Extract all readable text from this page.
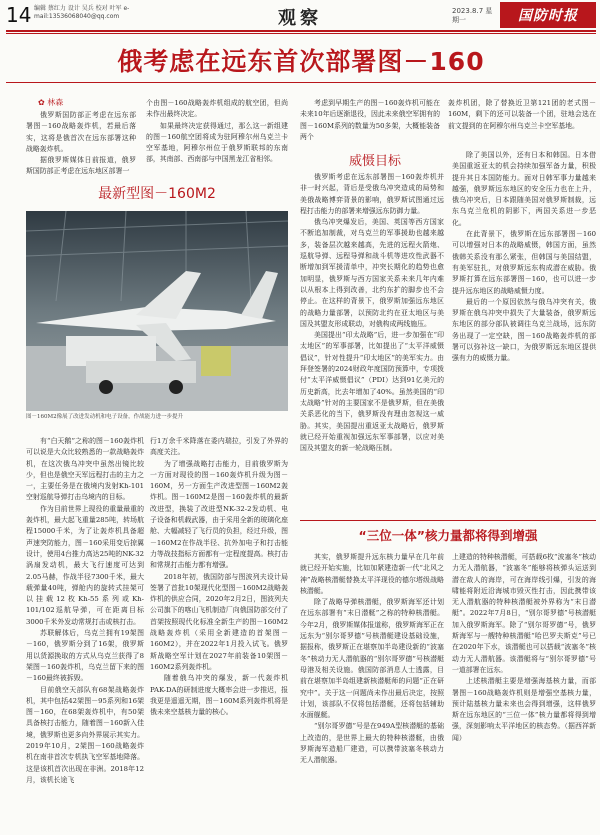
14 编辑 蔡红力 设计 吴兵 校对 叶军 e-mail:13536068040@qq.com	观察	2023.8.7 星期一	国防时报
俄考虑在远东首次部署图－160
✿ 林森

俄罗斯国防部正考虑在远东部署图－160战略轰炸机，若最后落实，这将是俄首次在远东部署这种战略轰炸机。

据俄罗斯媒体日前报道，俄罗斯国防部正考虑在远东地区部署一

个由图－160战略轰炸机组成的航空团，但尚未作出最终决定。

如果最终决定获得通过，那么这一新组建的图－160航空团将成为驻阿穆尔州乌克兰卡空军基地，阿穆尔州位于俄罗斯联邦的东南部，其南部、西南部与中国黑龙江省相邻。

考虑到早期生产的图－160轰炸机可能在未来10年后逐渐退役，因此未来俄空军拥有的图－160M系列的数量为50多架，大概能装备两个

轰炸机团，除了替换近卫第121团的老式图－160M，剩下的还可以装备一个团，驻地会选在前文提到的在阿穆尔州乌克兰卡空军基地。

最新型图－160M2
图－160M2像展了改进发动机和电子设备，作战能力进一步提升

有“白天鹅”之称的图－160轰炸机可以说是大众比较熟悉的一款战略轰炸机，在这次俄乌冲突中虽然出镜比较少，但也是俄空天军远程打击的主力之一，主要任务是在俄境内发射Kh-101空射巡航导弹打击乌境内的目标。

作为目前世界上现役的重量最重的轰炸机，最大起飞重量285吨，转场航程15000千米，为了让轰炸机具备超声速突防能力，图－160采用变后掠翼设计，使用4台推力高达25吨的NK-32涡扇发动机，最大飞行速度可达到2.05马赫，作战半径7300千米，最大载弹量40吨，弹舱内的旋转式挂架可以挂载12枚Kh-55系列或Kh-101/102巡航导弹，可在距离目标3000千米外发动常规打击或核打击。

苏联解体后，乌克兰拥有19架图－160，俄罗斯分到了16架，俄罗斯用以货源换取的方式从乌克兰获得了8架图－160轰炸机，乌克兰留下来的图－160最终被拆毁。

目前俄空天部队有68架战略轰炸机，其中包括42架图－95系列和16架图－160，在68架轰炸机中，有50架具备核打击能力，随着图－160新入佳境，俄罗斯也更多向外界展示其实力。2019年10月，2架图－160战略轰炸机在南非首次专机执飞空军基地降落。这是该机首次出现在非洲。2018年12月，该机长途飞

行1万余千米降落在委内瑞拉，引发了外界的高度关注。

为了增强战略打击能力，目前俄罗斯为一方面对现役的图－160轰炸机升级为图－160M，另一方面生产改进型图－160M2轰炸机。图－160M2是图－160轰炸机的最新改进型，换装了改进型NK-32-2发动机、电子设备和机载武器，由于采用全新的玻璃化座舱、大幅减轻了飞行员的负担，经过升级，图－160M2在作战半径、抗外加电子和打击能力等战技指标方面都有一定程度提高。核打击和常规打击能力都有增强。

2018年初，俄国防部与图波列夫设计局签署了首批10架现代化型图－160M2战略轰炸机的供应合同，2020年2月2日，图波列夫公司旗下的喀山飞机制造厂向俄国防部交付了首架按照现代化标准全新生产的图－160M2战略轰炸机（采用全新建造的首架图－160M2），并在2022年1月投入试飞。俄罗斯战略空军计划在2027年前装备10架图－160M2系列轰炸机。

随着俄乌冲突的爆发，新一代轰炸机PAK-DA的研制进度大概率会进一步推迟，报我更是遥遥无期，图－160M系列轰炸机将是俄未来空基核力量的核心。

威慑目标

俄罗斯考虑在远东部署图－160轰炸机并非一时兴起，背后是受俄乌冲突造成的局势和美俄战略博弈背景的影响，俄罗斯试图通过远程打击能力的部署来增强远东防御力量。

俄乌冲突爆发后，美国、英国等西方国家不断追加制裁，对乌克兰的军事援助也越来越多，装备层次越来越高，先进的远程火箭炮、巡航导弹、远程导弹和战斗机等进攻性武器不断增加到军援清单中，冲突长期化的趋势也愈加明显，俄罗斯与西方国家关系未来几年内难以从根本上得到改善，北约东扩的脚步也不会停止。在这样的背景下，俄罗斯加强远东地区的战略力量部署，以预防北约在亚太地区与美国及其盟友形成联动，对俄构成两线施压。

美国提出“印太战略”后，进一步加强在“印太地区”的军事部署，比如提出了“太平洋威慑倡议”，针对性提升“印太地区”的美军实力。由拜登签署的2024财政年度国防预算中，专项拨付“太平洋威慑倡议”（PDI）达到91亿美元的历史新高，比去年增加了40%。虽然美国的“印太战略”针对的主要国家不是俄罗斯，但在美俄关系恶化的当下，俄罗斯没有理由忽视这一威胁。其实，美国提出重返亚太战略后，俄罗斯就已经开始重视加强远东军事部署，以应对美国及其盟友的新一轮战略压制。

除了美国以外，还有日本和韩国。日本借美国重返亚太的机会持续加强军备力量，积极提升其日本国防能力。面对日韩军事力量越来越强，俄罗斯远东地区的安全压力也在上升，俄乌冲突后，日本跟随美国对俄罗斯制裁，远东乌克兰危机的阴影下，两国关系进一步恶化。

在此背景下，俄罗斯在远东部署图－160可以增强对日本的战略威慑，韩国方面，虽然俄韩关系没有那么紧张，但韩国与美国结盟，有美军驻扎，对俄罗斯远东构成潜在威胁。俄罗斯打算在远东部署图－160，也可以进一步提升远东地区的战略威慑力度。

最后的一个原因依然与俄乌冲突有关，俄罗斯在俄乌冲突中损失了大量装备，俄罗斯远东地区的部分部队被调往乌克兰战场，远东防务出现了一定空缺，图－160战略轰炸机的部署可以弥补这一缺口，为俄罗斯远东地区提供强有力的威慑力量。

“三位一体”核力量都将得到增强

其实，俄罗斯提升远东核力量早在几年前就已经开始实施，比如加紧建造新一代“北风之神”战略核潜艇替换太平洋现役的德尔塔级战略核潜艇。

除了战略导弹核潜艇，俄罗斯海军还计划在远东部署有“末日潜艇”之称的特种核潜艇。今年2月，俄罗斯媒体报道称，俄罗斯海军正在远东为“别尔哥罗德”号核潜艇建设基础设施，据报称，俄罗斯正在堪察加半岛建设新的“波塞冬”核动力无人潜航器的“别尔哥罗德”号核潜艇母港及相关设施。俄国防部消息人士透露，目前在堪察加半岛组建新核潜艇师的问题“正在研究中”。关于这一问题尚未作出最后决定，按照计划，该部队不仅将包括潜艇，还将包括辅助水面舰艇。

“别尔哥罗德”号是在949A型核潜艇的基础上改造的，是世界上最大的特种核潜艇，由俄罗斯海军造船厂建造，可以携带波塞冬核动力无人潜航器。

上建造的特种核潜艇，可搭载6枚“波塞冬”核动力无人潜航器，“波塞冬”能够将核弹头运送到潜在敌人的海岸，可在海岸线引爆，引发的海啸能将附近沿海城市毁灭性打击，因此携带该无人潜航器的特种核潜艇被外界称为“末日潜艇”。2022年7月8日，“别尔哥罗德”号核潜艇加入俄罗斯海军。除了“别尔哥罗德”号，俄罗斯海军与一艘特种核潜艇“哈巴罗夫斯克”号已在2020年下水，该潜艇也可以搭载“波塞冬”核动力无人潜航器。该潜艇将与“别尔哥罗德”号一道部署在远东。

上述核潜艇主要是增强海基核力量，而部署图－160战略轰炸机则是增强空基核力量，预计陆基核力量未来也会得到增强，这样俄罗斯在远东地区的“三位一体”核力量都将得到增强，深刻影响太平洋地区的核态势。（据西祥新闻）
